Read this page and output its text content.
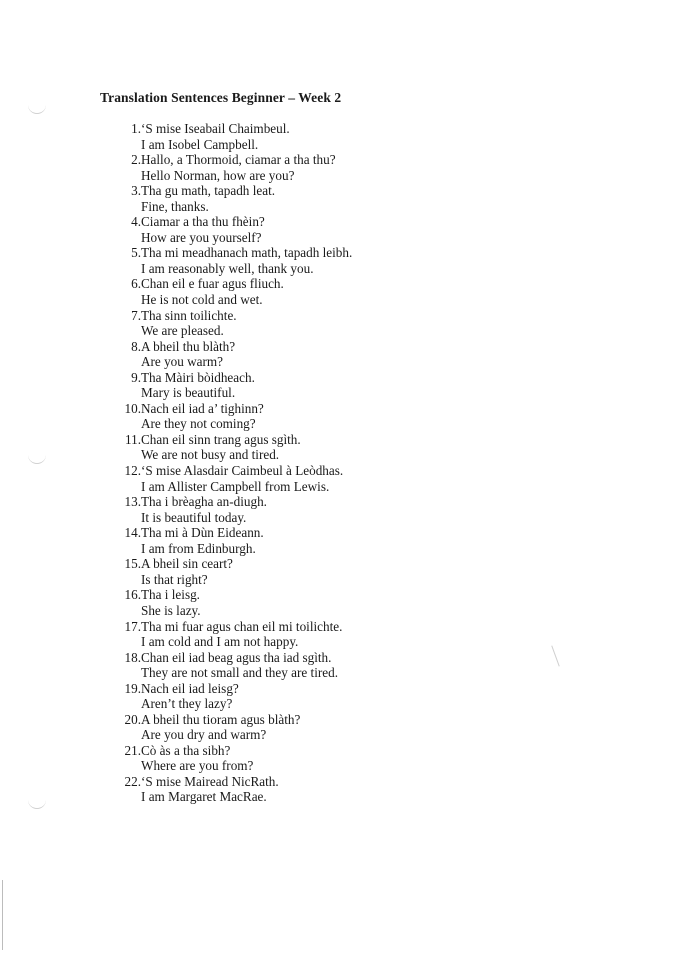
Translation Sentences Beginner – Week 2
1. ‘S mise Iseabail Chaimbeul.
I am Isobel Campbell.
2. Hallo, a Thormoid, ciamar a tha thu?
Hello Norman, how are you?
3. Tha gu math, tapadh leat.
Fine, thanks.
4. Ciamar a tha thu fhèin?
How are you yourself?
5. Tha mi meadhanach math, tapadh leibh.
I am reasonably well, thank you.
6. Chan eil e fuar agus fliuch.
He is not cold and wet.
7. Tha sinn toilichte.
We are pleased.
8. A bheil thu blàth?
Are you warm?
9. Tha Màiri bòidheach.
Mary is beautiful.
10. Nach eil iad a’ tighinn?
Are they not coming?
11. Chan eil sinn trang agus sgìth.
We are not busy and tired.
12. ‘S mise Alasdair Caimbeul à Leòdhas.
I am Allister Campbell from Lewis.
13. Tha i brèagha an-diugh.
It is beautiful today.
14. Tha mi à Dùn Eideann.
I am from Edinburgh.
15. A bheil sin ceart?
Is that right?
16. Tha i leisg.
She is lazy.
17. Tha mi fuar agus chan eil mi toilichte.
I am cold and I am not happy.
18. Chan eil iad beag agus tha iad sgìth.
They are not small and they are tired.
19. Nach eil iad leisg?
Aren’t they lazy?
20. A bheil thu tioram agus blàth?
Are you dry and warm?
21. Cò às a tha sibh?
Where are you from?
22. ‘S mise Mairead NicRath.
I am Margaret MacRae.
